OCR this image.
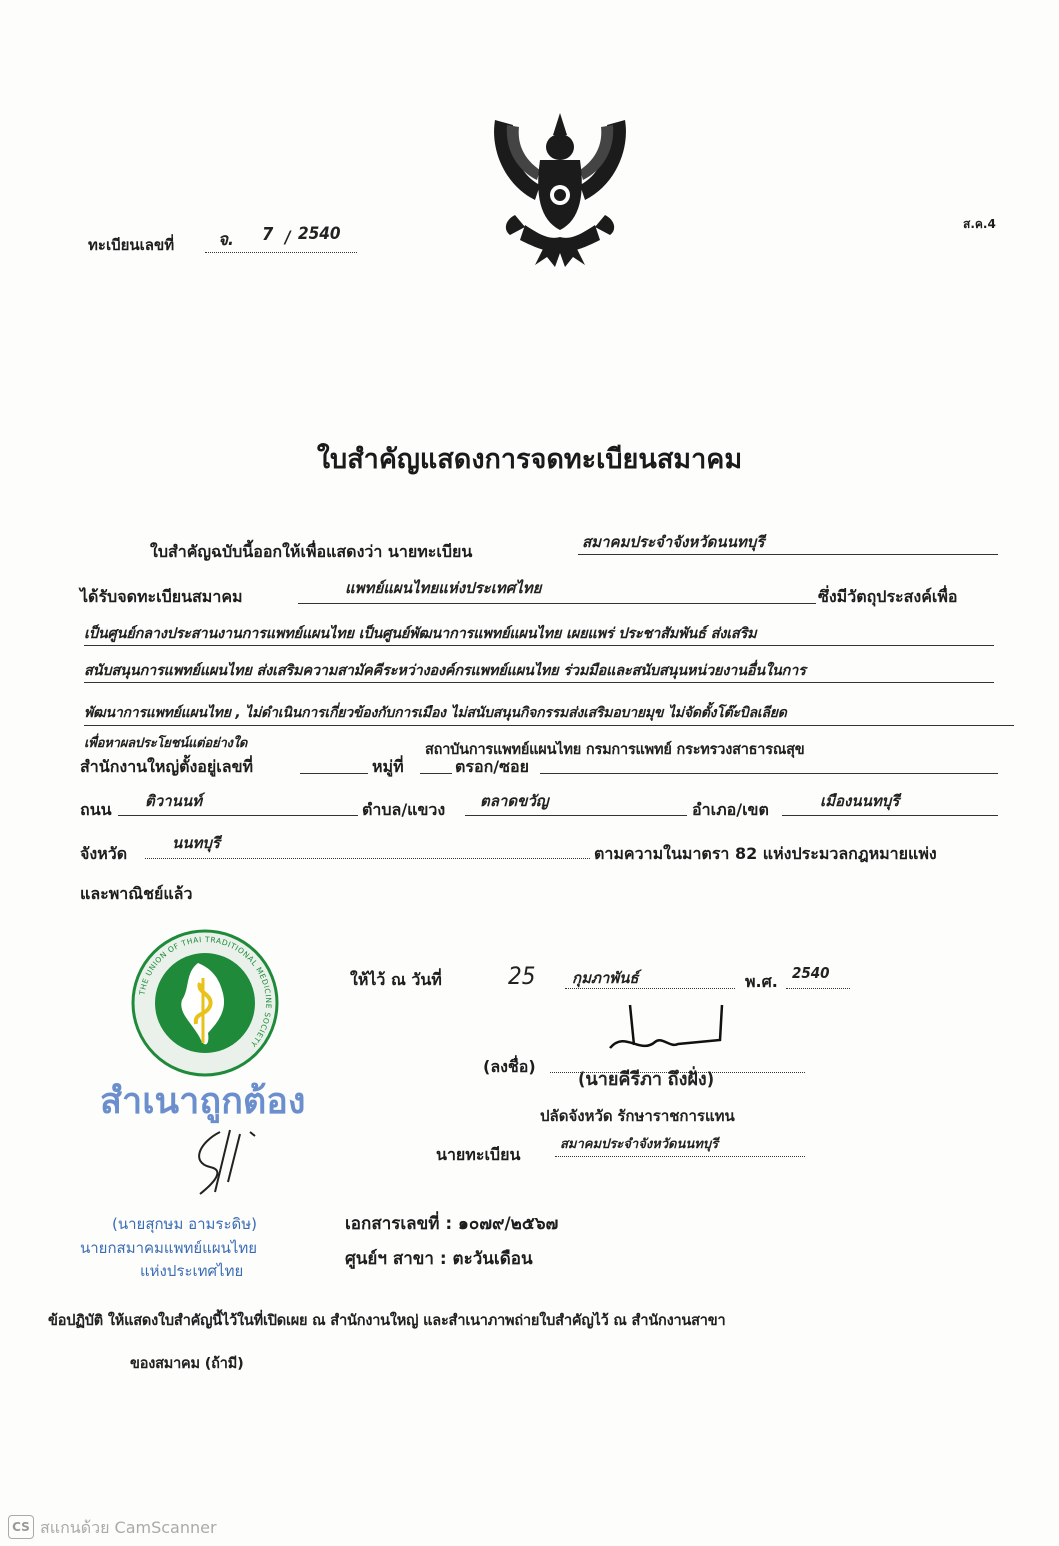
ทะเบียนเลขที่	จ. 7 / 2540	ส.ค.4
ใบสำคัญแสดงการจดทะเบียนสมาคม
ใบสำคัญฉบับนี้ออกให้เพื่อแสดงว่า นายทะเบียน	สมาคมประจำจังหวัดนนทบุรี
ได้รับจดทะเบียนสมาคม	แพทย์แผนไทยแห่งประเทศไทย	ซึ่งมีวัตถุประสงค์เพื่อ
เป็นศูนย์กลางประสานงานการแพทย์แผนไทย เป็นศูนย์พัฒนาการแพทย์แผนไทย เผยแพร่ ประชาสัมพันธ์ ส่งเสริม
สนับสนุนการแพทย์แผนไทย ส่งเสริมความสามัคคีระหว่างองค์กรแพทย์แผนไทย ร่วมมือและสนับสนุนหน่วยงานอื่นในการ
พัฒนาการแพทย์แผนไทย , ไม่ดำเนินการเกี่ยวข้องกับการเมือง ไม่สนับสนุนกิจกรรมส่งเสริมอบายมุข ไม่จัดตั้งโต๊ะบิลเลียด
เพื่อหาผลประโยชน์แต่อย่างใด	สถาบันการแพทย์แผนไทย กรมการแพทย์ กระทรวงสาธารณสุข
สำนักงานใหญ่ตั้งอยู่เลขที่	หมู่ที่	ตรอก/ซอย
ถนน ติวานนท์	ตำบล/แขวง ตลาดขวัญ	อำเภอ/เขต	เมืองนนทบุรี
จังหวัด
นนทบุรี
ตามความในมาตรา 82 แห่งประมวลกฎหมายแพ่ง
และพาณิชย์แล้ว
THE UNION OF THAI TRADITIONAL MEDICINE SOCIETY
ให้ไว้ ณ วันที่	25 กุมภาพันธ์	พ.ศ. 2540
(ลงชื่อ)
(นายคีรีภา ถึงฝั่ง)
ปลัดจังหวัด รักษาราชการแทน
นายทะเบียน
สมาคมประจำจังหวัดนนทบุรี
สำเนาถูกต้อง
(นายสุกษม อามระดิษ)
นายกสมาคมแพทย์แผนไทย
แห่งประเทศไทย
เอกสารเลขที่ : ๑๐๗๙/๒๕๖๗
ศูนย์ฯ สาขา : ตะวันเดือน
ข้อปฏิบัติ ให้แสดงใบสำคัญนี้ไว้ในที่เปิดเผย ณ สำนักงานใหญ่ และสำเนาภาพถ่ายใบสำคัญไว้ ณ สำนักงานสาขา
ของสมาคม (ถ้ามี)
CS สแกนด้วย CamScanner
